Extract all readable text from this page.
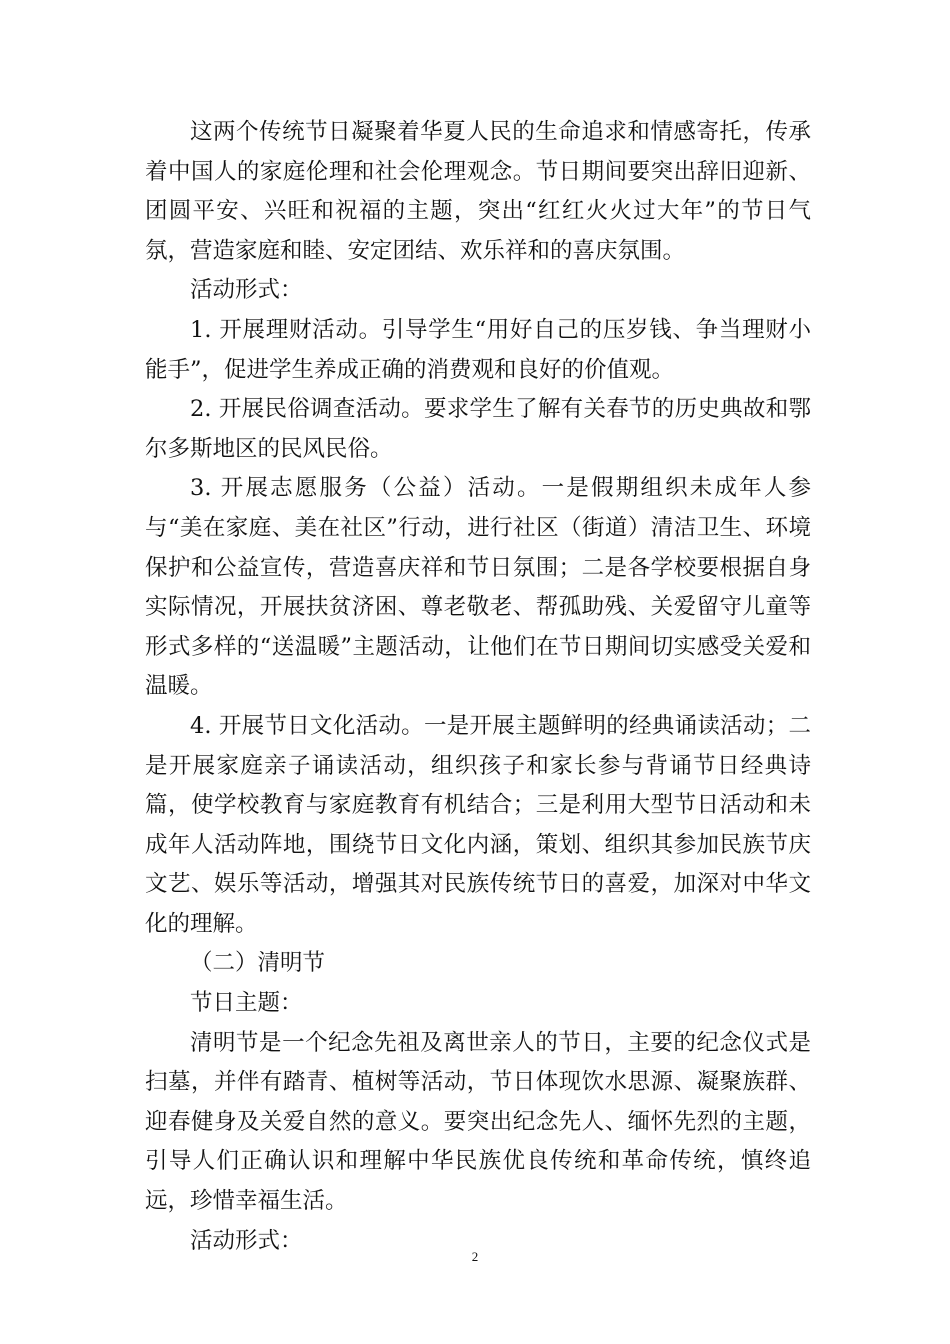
这两个传统节日凝聚着华夏人民的生命追求和情感寄托，传承着中国人的家庭伦理和社会伦理观念。节日期间要突出辞旧迎新、团圆平安、兴旺和祝福的主题，突出“红红火火过大年”的节日气氛，营造家庭和睦、安定团结、欢乐祥和的喜庆氛围。

活动形式：

1. 开展理财活动。引导学生“用好自己的压岁钱、争当理财小能手”，促进学生养成正确的消费观和良好的价值观。

2. 开展民俗调查活动。要求学生了解有关春节的历史典故和鄂尔多斯地区的民风民俗。

3. 开展志愿服务（公益）活动。一是假期组织未成年人参与“美在家庭、美在社区”行动，进行社区（街道）清洁卫生、环境保护和公益宣传，营造喜庆祥和节日氛围；二是各学校要根据自身实际情况，开展扶贫济困、尊老敬老、帮孤助残、关爱留守儿童等形式多样的“送温暖”主题活动，让他们在节日期间切实感受关爱和温暖。

4. 开展节日文化活动。一是开展主题鲜明的经典诵读活动；二是开展家庭亲子诵读活动，组织孩子和家长参与背诵节日经典诗篇，使学校教育与家庭教育有机结合；三是利用大型节日活动和未成年人活动阵地，围绕节日文化内涵，策划、组织其参加民族节庆文艺、娱乐等活动，增强其对民族传统节日的喜爱，加深对中华文化的理解。

（二）清明节

节日主题：

清明节是一个纪念先祖及离世亲人的节日，主要的纪念仪式是扫墓，并伴有踏青、植树等活动，节日体现饮水思源、凝聚族群、迎春健身及关爱自然的意义。要突出纪念先人、缅怀先烈的主题，引导人们正确认识和理解中华民族优良传统和革命传统，慎终追远，珍惜幸福生活。

活动形式：

2
